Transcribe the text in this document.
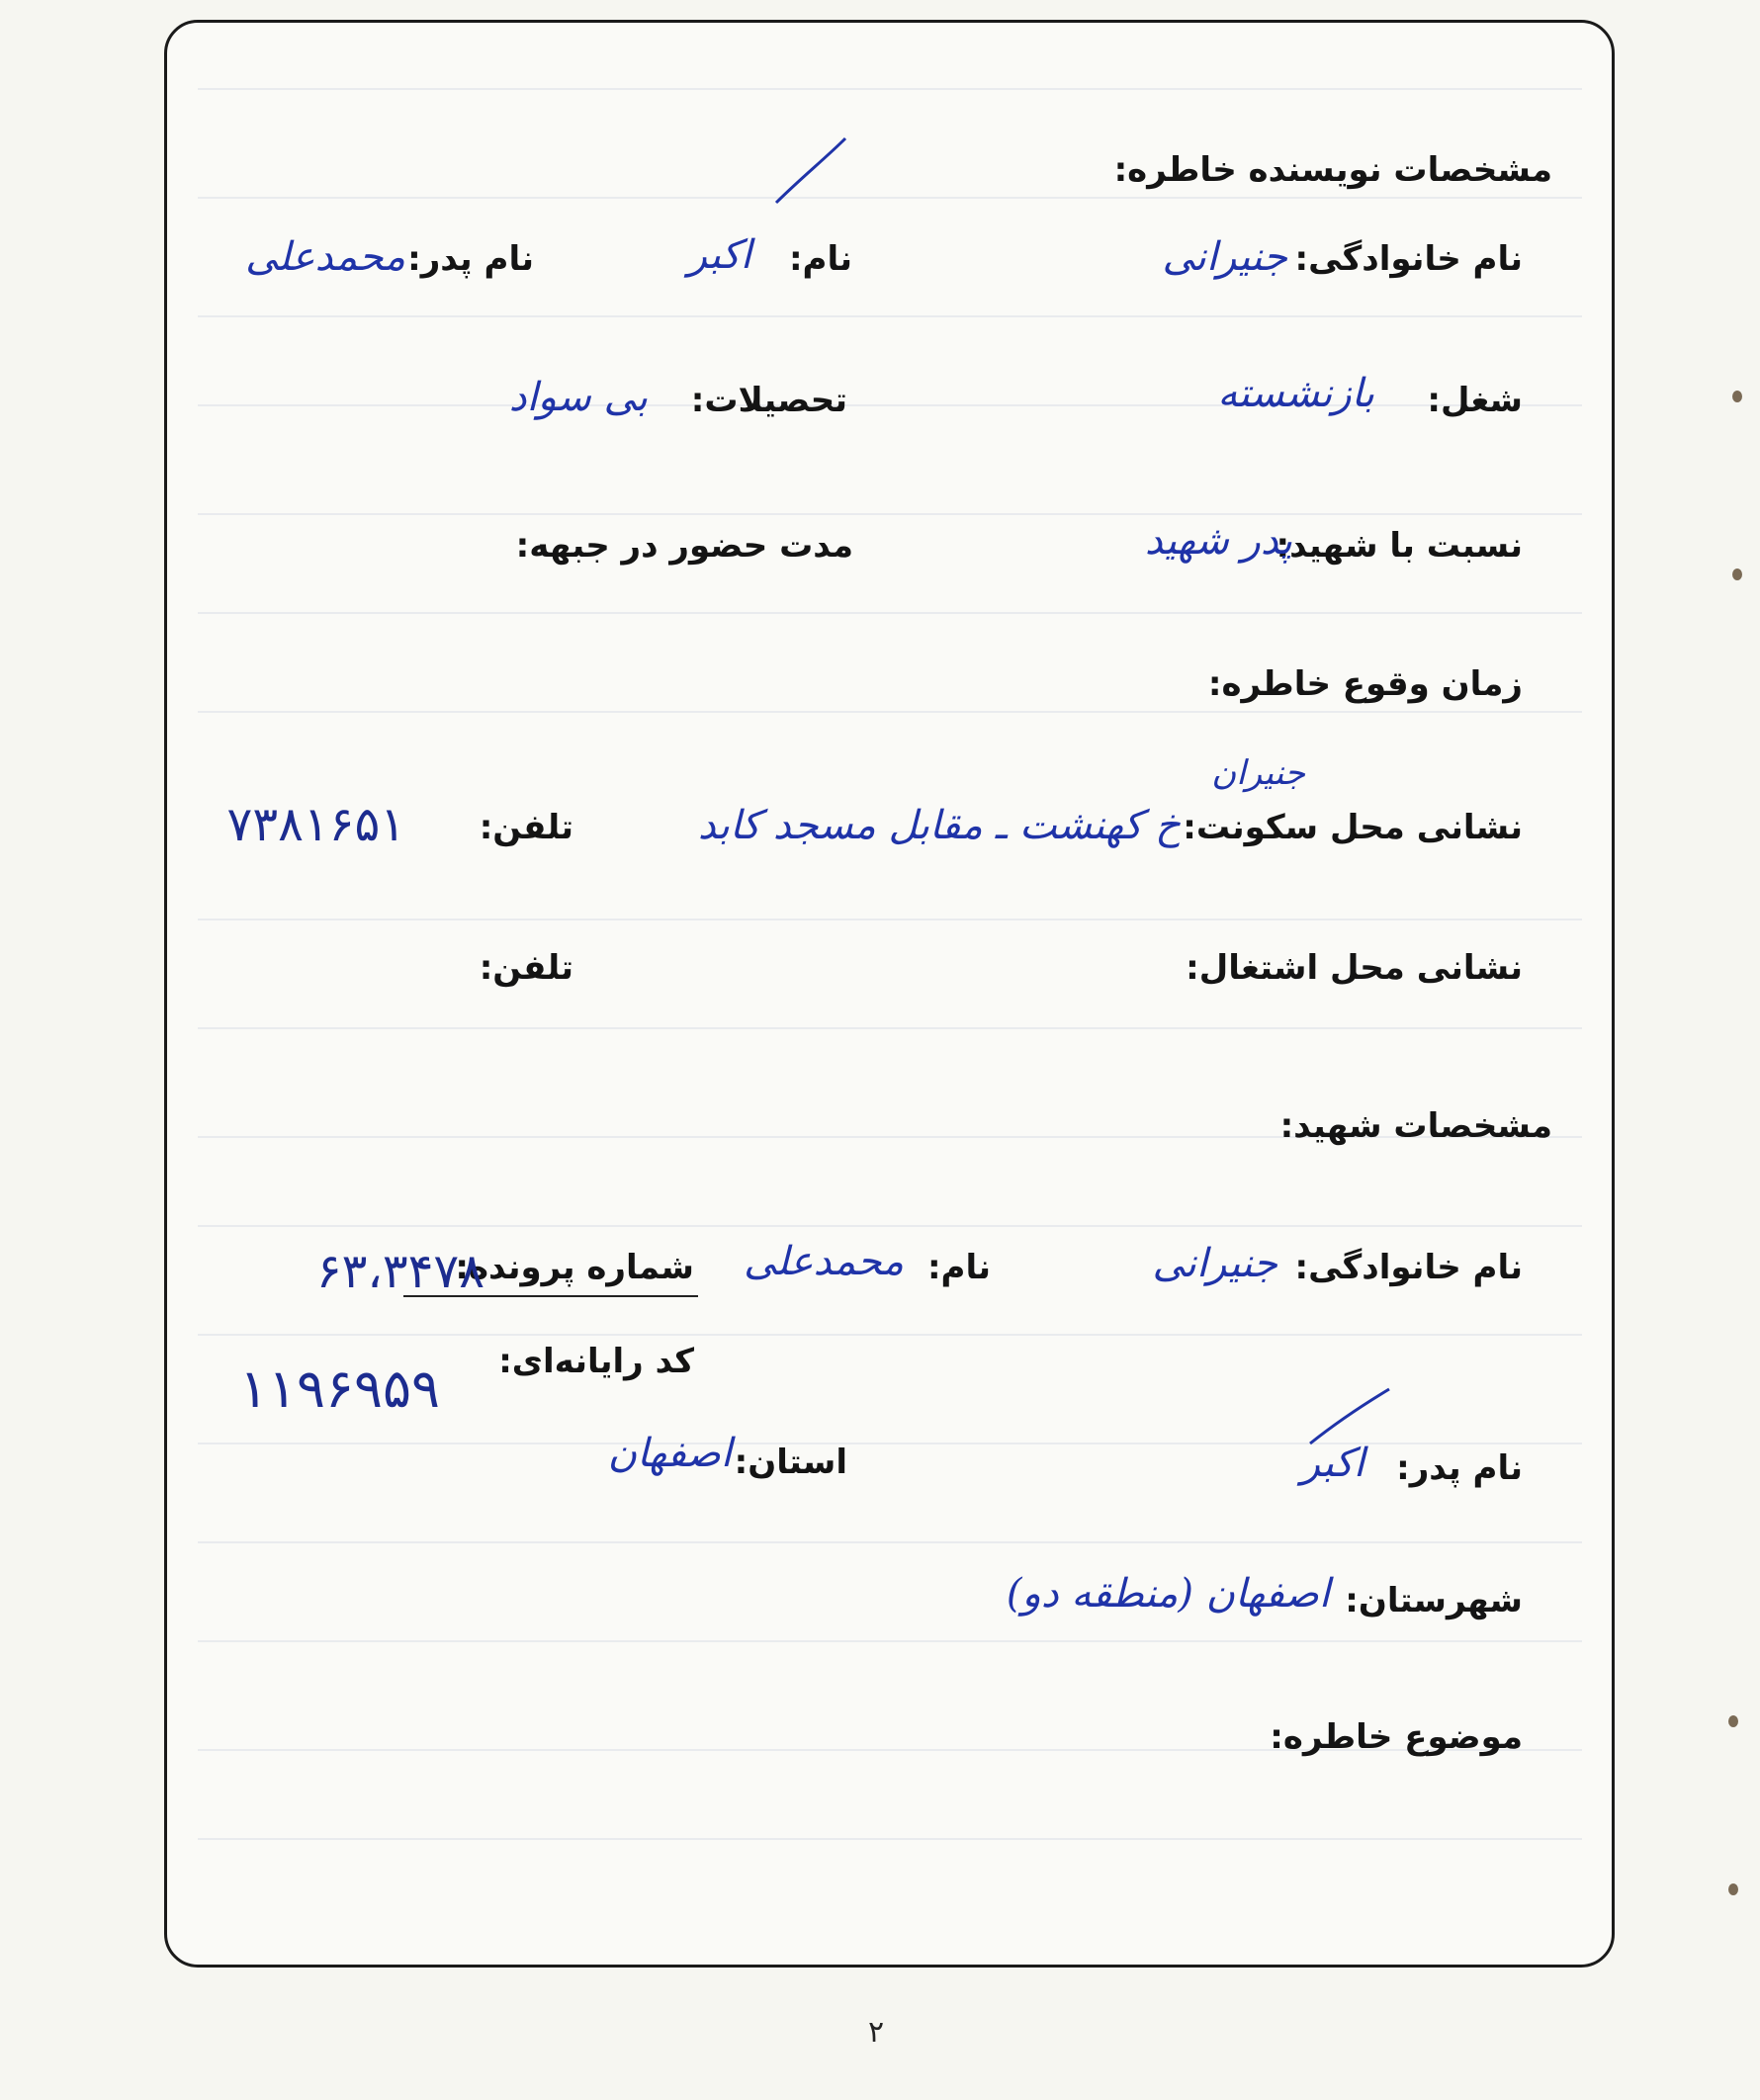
مشخصات نویسنده خاطره:
نام خانوادگی:
جنیرانی
نام:
اکبر
نام پدر:
محمدعلی
شغل:
بازنشسته
تحصیلات:
بی سواد
نسبت با شهید:
پدر شهید
مدت حضور در جبهه:
زمان وقوع خاطره:
جنیران
نشانی محل سکونت:
خ کهنشت ـ مقابل مسجد کابد
تلفن:
۷۳۸۱۶۵۱
نشانی محل اشتغال:
تلفن:
مشخصات شهید:
نام خانوادگی:
جنیرانی
نام:
محمدعلی
شماره پرونده:
۶۳،۳۴۷۸
کد رایانه‌ای:
۱۱۹۶۹۵۹
نام پدر:
اکبر
استان:
اصفهان
شهرستان:
اصفهان (منطقه دو)
موضوع خاطره:
۲
